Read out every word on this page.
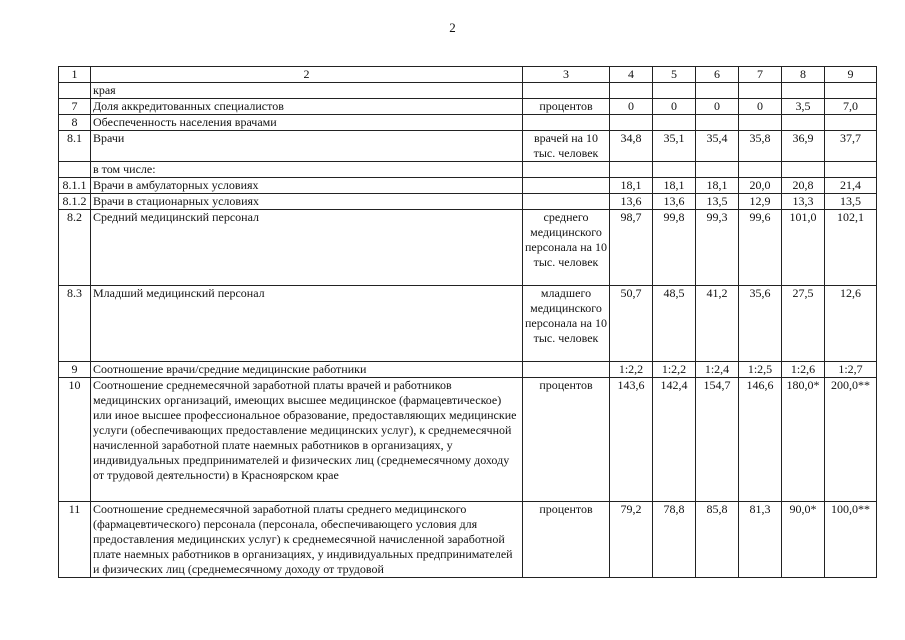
2
1	2	3	4	5	6	7	8	9
	края							
7	Доля аккредитованных специалистов	процентов	0	0	0	0	3,5	7,0
8	Обеспеченность населения врачами							
8.1	Врачи	врачей на 10 тыс. человек	34,8	35,1	35,4	35,8	36,9	37,7
	в том числе:							
8.1.1	Врачи в амбулаторных условиях		18,1	18,1	18,1	20,0	20,8	21,4
8.1.2	Врачи в стационарных условиях		13,6	13,6	13,5	12,9	13,3	13,5
8.2	Средний медицинский персонал	среднего медицинского персонала на 10 тыс. человек	98,7	99,8	99,3	99,6	101,0	102,1
8.3	Младший медицинский персонал	младшего медицинского персонала на 10 тыс. человек	50,7	48,5	41,2	35,6	27,5	12,6
9	Соотношение врачи/средние медицинские работники		1:2,2	1:2,2	1:2,4	1:2,5	1:2,6	1:2,7
10	Соотношение среднемесячной заработной платы врачей и работников медицинских организаций, имеющих высшее медицинское (фармацевтическое) или иное высшее профессиональное образование, предоставляющих медицинские услуги (обеспечивающих предоставление медицинских услуг), к среднемесячной начисленной заработной плате наемных работников в организациях, у индивидуальных предпринимателей и физических лиц (среднемесячному доходу от трудовой деятельности) в Красноярском крае	процентов	143,6	142,4	154,7	146,6	180,0*	200,0**
11	Соотношение среднемесячной заработной платы среднего медицинского (фармацевтического) персонала (персонала, обеспечивающего условия для предоставления медицинских услуг) к среднемесячной начисленной заработной плате наемных работников в организациях, у индивидуальных предпринимателей и физических лиц (среднемесячному доходу от трудовой	процентов	79,2	78,8	85,8	81,3	90,0*	100,0**
